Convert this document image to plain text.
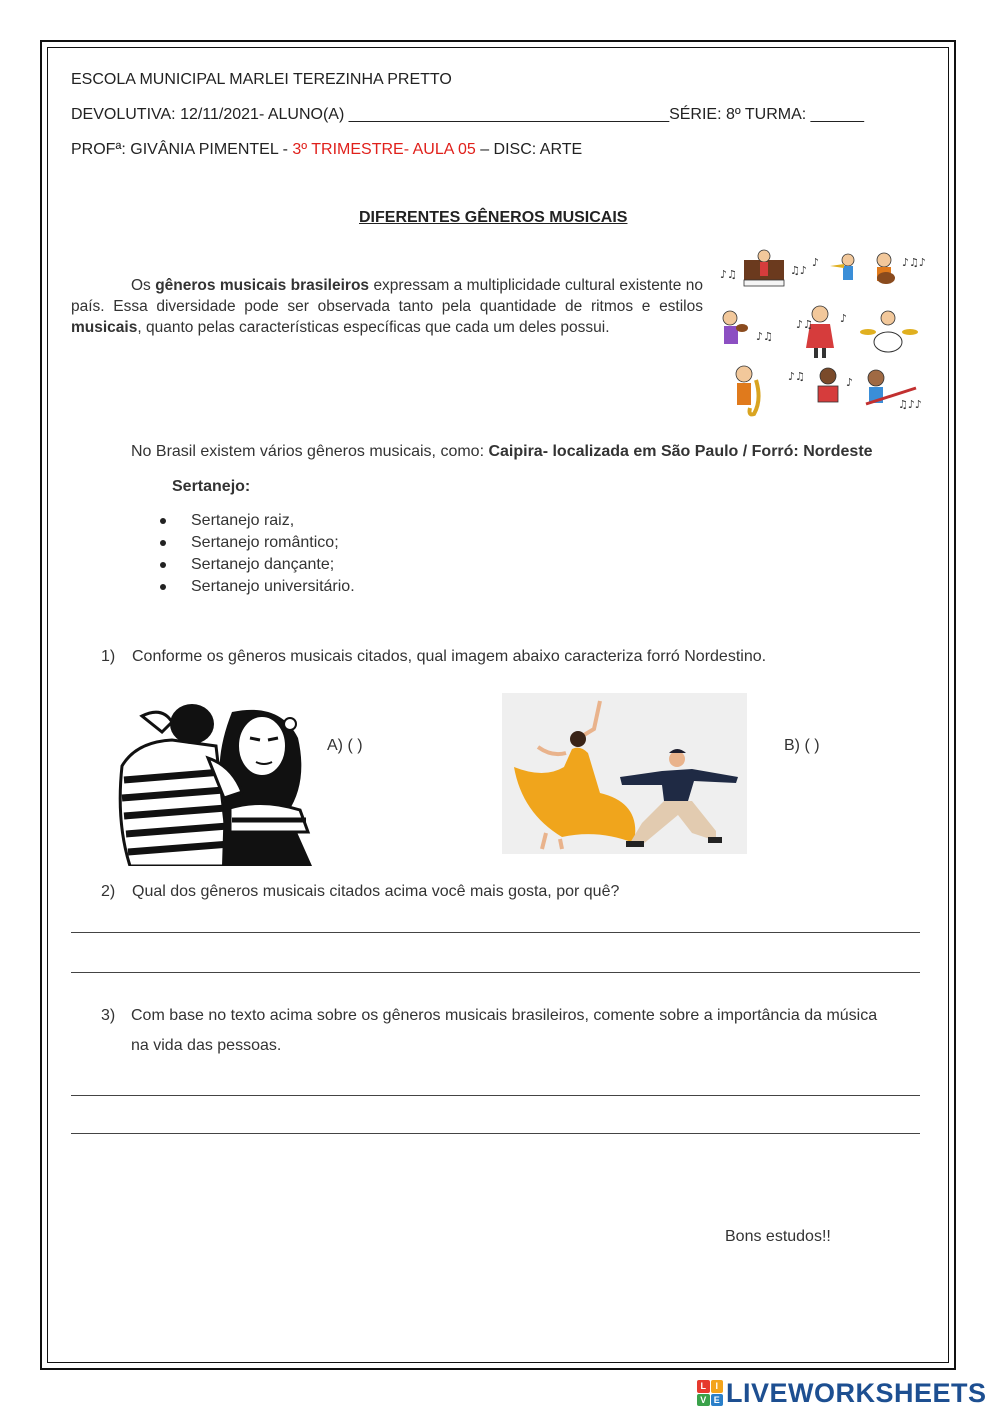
ESCOLA MUNICIPAL MARLEI TEREZINHA PRETTO
DEVOLUTIVA: 12/11/2021- ALUNO(A) ____________________________________SÉRIE: 8º TURMA: ______
PROFª: GIVÂNIA PIMENTEL - 3º TRIMESTRE- AULA 05 – DISC: ARTE
DIFERENTES GÊNEROS MUSICAIS
Os gêneros musicais brasileiros expressam a multiplicidade cultural existente no país. Essa diversidade pode ser observada tanto pela quantidade de ritmos e estilos musicais, quanto pelas características específicas que cada um deles possui.
♪♫	♫♪
♪	♪♫♪
♪♫
♪♫ ♪
♪♫	♪
♫♪♪
No Brasil existem vários gêneros musicais, como: Caipira- localizada em São Paulo / Forró: Nordeste
Sertanejo:
Sertanejo raiz,
Sertanejo romântico;
Sertanejo dançante;
Sertanejo universitário.
1) Conforme os gêneros musicais citados, qual imagem abaixo caracteriza forró Nordestino.
A) ( )	B) ( )
2) Qual dos gêneros musicais citados acima você mais gosta, por quê?
3) Com base no texto acima sobre os gêneros musicais brasileiros, comente sobre a importância da música
na vida das pessoas.
Bons estudos!!
L	I
V E LIVEWORKSHEETS
